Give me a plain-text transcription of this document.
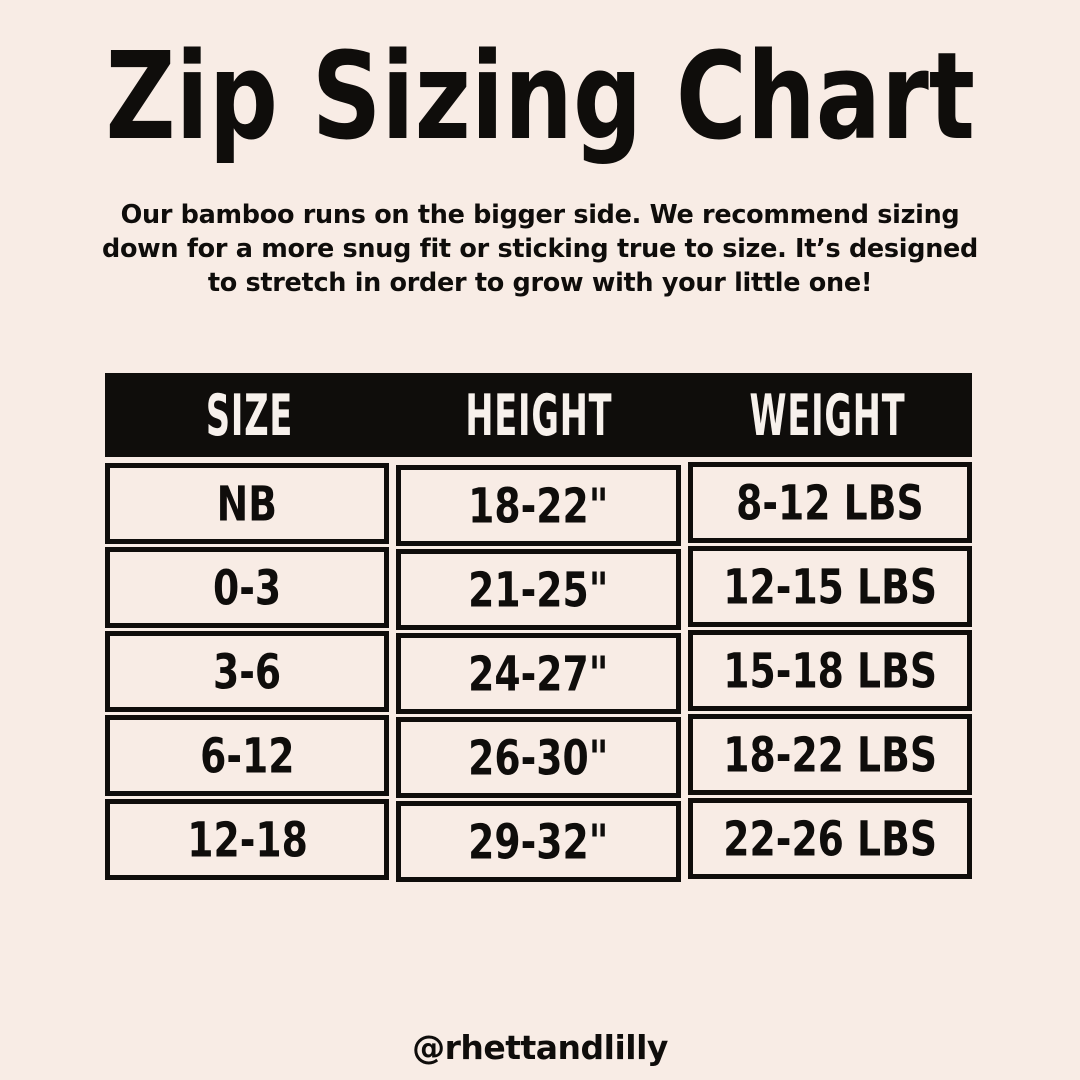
Zip Sizing Chart
Our bamboo runs on the bigger side. We recommend sizing
down for a more snug fit or sticking true to size. It’s designed
to stretch in order to grow with your little one!
SIZE	HEIGHT	WEIGHT
NB	18-22"	8-12 LBS
0-3	21-25"	12-15 LBS
3-6	24-27"	15-18 LBS
6-12	26-30"	18-22 LBS
12-18	29-32"	22-26 LBS
@rhettandlilly
